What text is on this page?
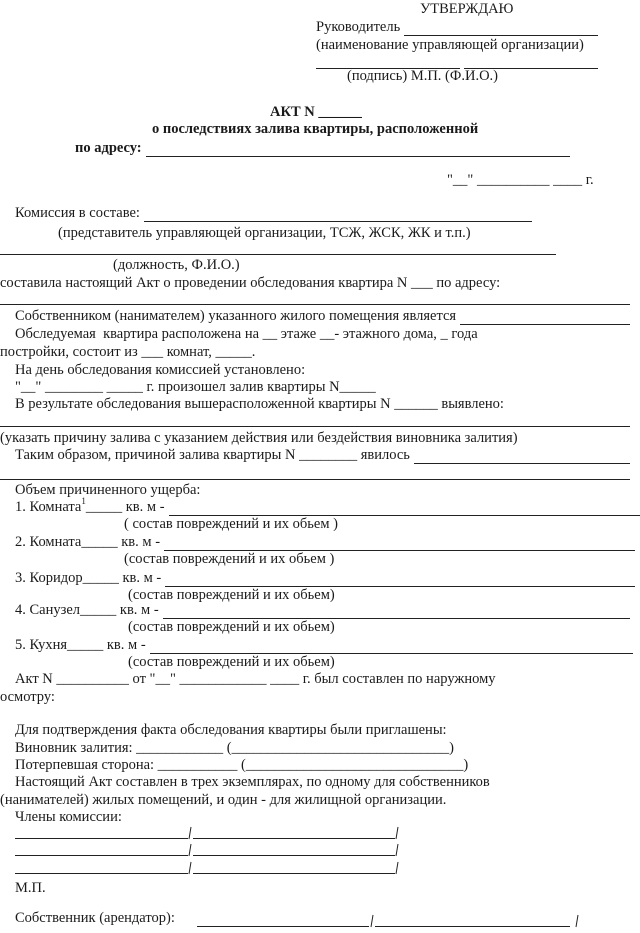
УТВЕРЖДАЮ
Руководитель
(наименование управляющей организации)
(подпись) М.П. (Ф.И.О.)
АКТ N ______
о последствиях залива квартиры, расположенной
по адресу:
"__" __________ ____ г.
Комиссия в составе:
(представитель управляющей организации, ТСЖ, ЖСК, ЖК и т.п.)
(должность, Ф.И.О.)
составила настоящий Акт о проведении обследования квартира N ___ по адресу:
Собственником (нанимателем) указанного жилого помещения является
Обследуемая  квартира расположена на __ этаже __- этажного дома, _ года
постройки, состоит из ___ комнат, _____.
На день обследования комиссией установлено:
"__" ________ _____ г. произошел залив квартиры N_____
В результате обследования вышерасположенной квартиры N ______ выявлено:
(указать причину залива с указанием действия или бездействия виновника залития)
Таким образом, причиной залива квартиры N ________ явилось
Объем причиненного ущерба:
1. Комната 1 _____ кв. м -
( состав повреждений и их обьем )
2. Комната _____ кв. м -
(состав повреждений и их обьем )
3. Коридор _____ кв. м -
(состав повреждений и их обьем)
4. Санузел _____ кв. м -
(состав повреждений и их обьем)
5. Кухня _____ кв. м -
(состав повреждений и их обьем)
Акт N __________ от "__" ____________ ____ г. был составлен по наружному
осмотру:
Для подтверждения факта обследования квартиры были приглашены:
Виновник залития: ____________ (______________________________)
Потерпевшая сторона: ___________ (______________________________)
Настоящий Акт составлен в трех экземплярах, по одному для собственников
(нанимателей) жилых помещений, и один - для жилищной организации.
Члены комиссии:
М.П.
Собственник (арендатор):
